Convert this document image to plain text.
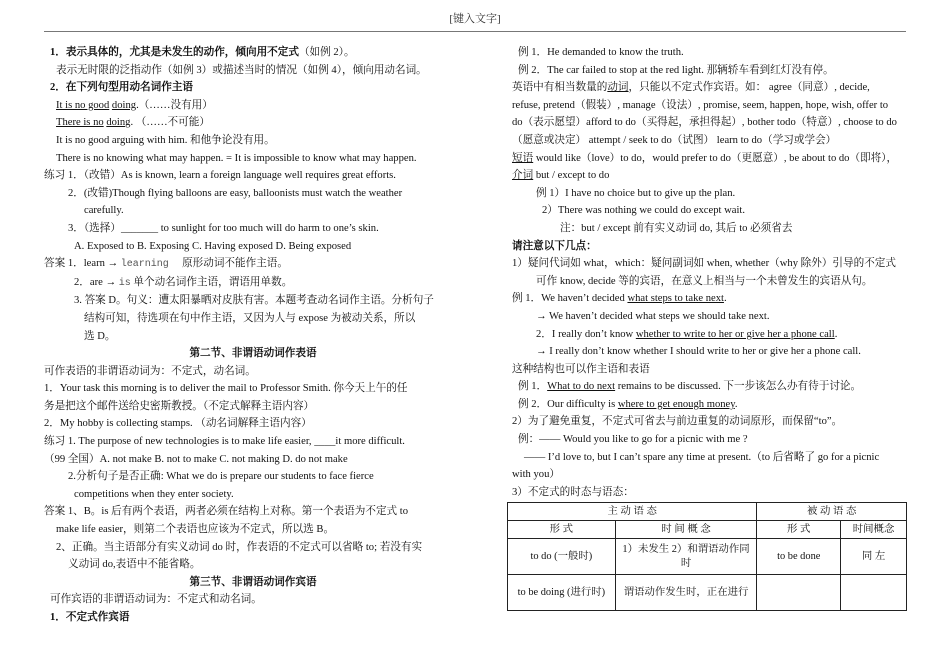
[键入文字]
1．表示具体的，尤其是未发生的动作，倾向用不定式（如例 2）。
表示无时限的泛指动作（如例 3）或描述当时的情况（如例 4），倾向用动名词。
2．在下列句型用动名词作主语
It is no good doing.（……没有用）
There is no doing. （……不可能）
It is no good arguing with him. 和他争论没有用。
There is no knowing what may happen. = It is impossible to know what may happen.
练习 1．（改错）As is known, learn a foreign language well requires great efforts.
2．(改错)Though flying balloons are easy, balloonists must watch the weather
carefully.
3．（选择）_______ to sunlight for too much will do harm to one’s skin.
A. Exposed to B. Exposing C. Having exposed D. Being exposed
答案 1．learn → learning 原形动词不能作主语。
2．are → is 单个动名词作主语，谓语用单数。
3. 答案 D。句义：遭太阳暴晒对皮肤有害。本题考查动名词作主语。分析句子
结构可知，待选项在句中作主语，又因为人与 expose 为被动关系，所以
选 D。
第二节、非谓语动词作表语
可作表语的非谓语动词为：不定式，动名词。
1．Your task this morning is to deliver the mail to Professor Smith. 你今天上午的任
务是把这个邮件送给史密斯教授。（不定式解释主语内容）
2．My hobby is collecting stamps. （动名词解释主语内容）
练习 1. The purpose of new technologies is to make life easier, ____it more difficult.
（99 全国）A. not make B. not to make C. not making D. do not make
2.分析句子是否正确: What we do is prepare our students to face fierce
competitions when they enter society.
答案 1、B。is 后有两个表语，两者必须在结构上对称。第一个表语为不定式 to
make life easier，则第二个表语也应该为不定式，所以选 B。
2、正确。当主语部分有实义动词 do 时，作表语的不定式可以省略 to; 若没有实
义动词 do,表语中不能省略。
第三节、非谓语动词作宾语
可作宾语的非谓语动词为：不定式和动名词。
1．不定式作宾语
例 1．He demanded to know the truth.
例 2．The car failed to stop at the red light. 那辆轿车看到红灯没有停。
英语中有相当数量的动词，只能以不定式作宾语。如： agree（同意）, decide,
refuse, pretend（假装）, manage（设法）, promise, seem, happen, hope, wish, offer to
do（表示愿望）afford to do（买得起，承担得起）, bother todo（特意）, choose to do
（愿意或决定） attempt / seek to do（试图） learn to do（学习或学会）
短语 would like（love）to do，would prefer to do（更愿意）, be about to do（即将），
介词 but / except to do
例 1）I have no choice but to give up the plan.
2）There was nothing we could do except wait.
注：but / except 前有实义动词 do, 其后 to 必须省去
请注意以下几点：
1）疑问代词如 what，which：疑问副词如 when, whether（why 除外）引导的不定式
可作 know, decide 等的宾语，在意义上相当与一个未曾发生的宾语从句。
例 1．We haven’t decided what steps to take next.
→ We haven’t decided what steps we should take next.
2．I really don’t know whether to write to her or give her a phone call.
→ I really don’t know whether I should write to her or give her a phone call.
这种结构也可以作主语和表语
例 1．What to do next remains to be discussed. 下一步该怎么办有待于讨论。
例 2．Our difficulty is where to get enough money.
2）为了避免重复，不定式可省去与前边重复的动词原形，而保留“to”。
例：—— Would you like to go for a picnic with me ?
—— I’d love to, but I can’t spare any time at present.（to 后省略了 go for a picnic
with you）
3）不定式的时态与语态：
主 动 语 态		被 动 语 态	
形 式	时 间 概 念	形 式	时间概念
to do (一般时)	1）未发生 2）和谓语动作同时	to be done	同 左
to be doing (进行时)	谓语动作发生时，正在进行		
